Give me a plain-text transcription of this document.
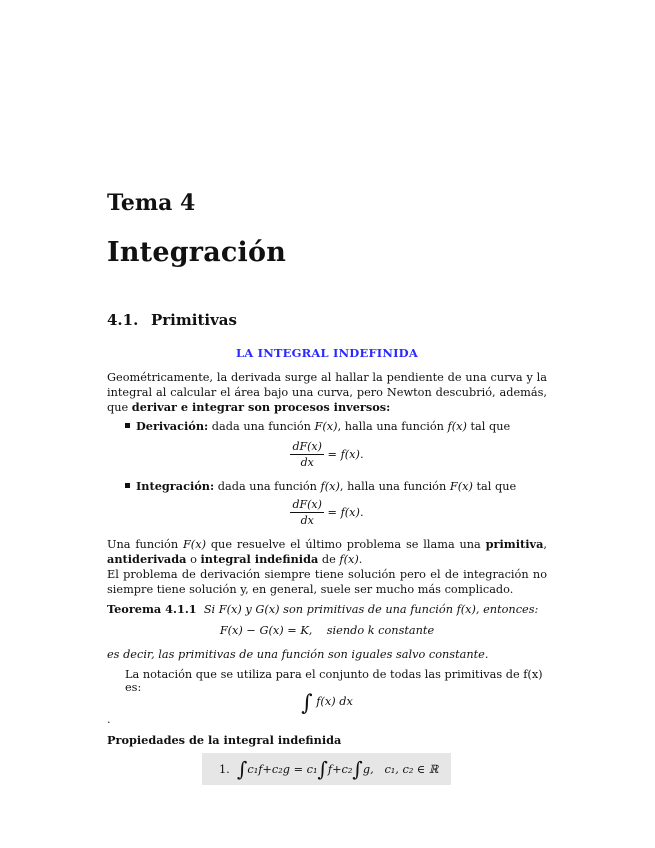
Tema 4
Integración
4.1. Primitivas
LA INTEGRAL INDEFINIDA
Geométricamente, la derivada surge al hallar la pendiente de una curva y la integral al calcular el área bajo una curva, pero Newton descubrió, además, que derivar e integrar son procesos inversos:
Derivación: dada una función F(x), halla una función f(x) tal que
$\frac{dF(x)}{dx} = f(x)$.
Integración: dada una función f(x), halla una función F(x) tal que
$\frac{dF(x)}{dx} = f(x)$.
Una función F(x) que resuelve el último problema se llama una primitiva, antiderivada o integral indefinida de f(x).
El problema de derivación siempre tiene solución pero el de integración no siempre tiene solución y, en general, suele ser mucho más complicado.
Teorema 4.1.1 Si F(x) y G(x) son primitivas de una función f(x), entonces:
F(x) − G(x) = K, siendo k constante
es decir, las primitivas de una función son iguales salvo constante.
La notación que se utiliza para el conjunto de todas las primitivas de f(x) es:
∫ f(x) dx
.
Propiedades de la integral indefinida
1.
∫ c₁f+c₂g = c₁ ∫ f+c₂ ∫ g,
c₁, c₂ ∈ ℝ
